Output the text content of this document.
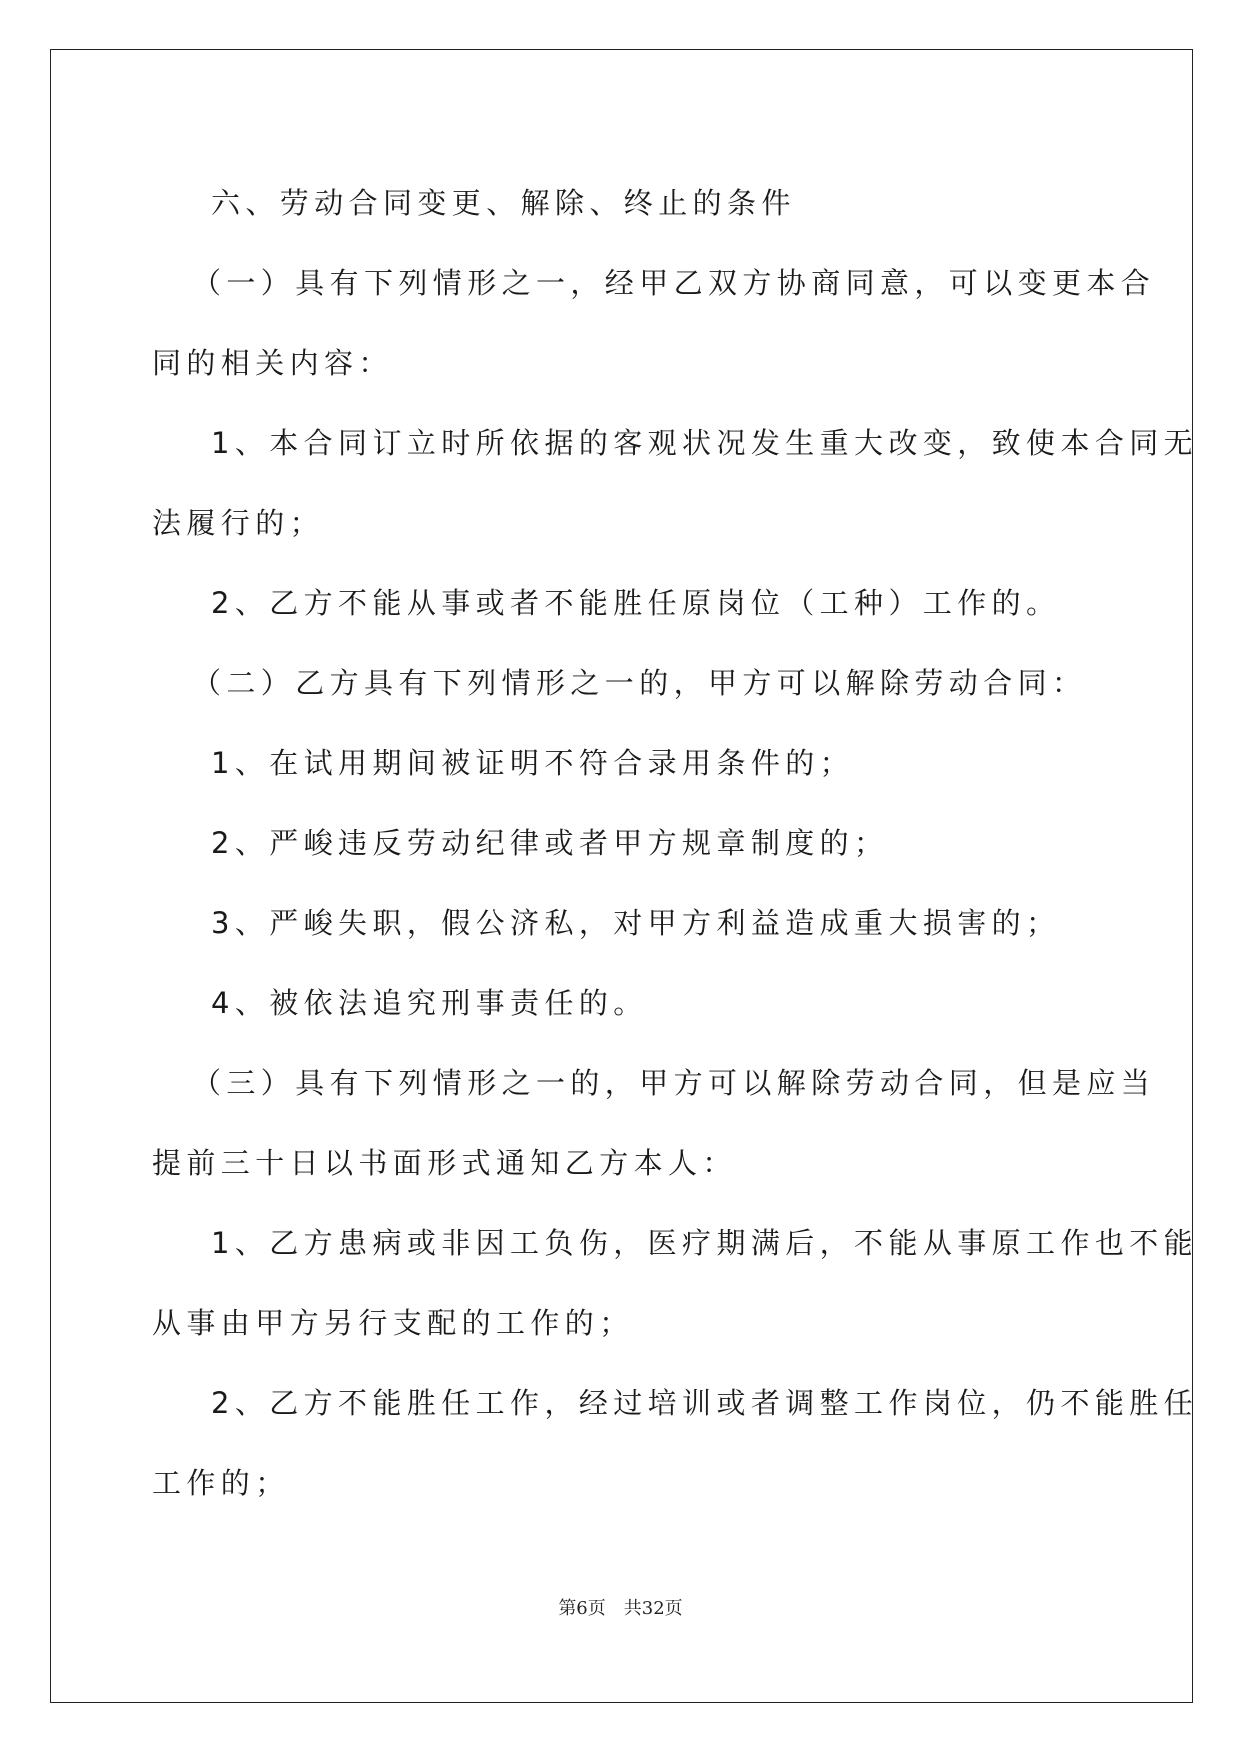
六、劳动合同变更、解除、终止的条件

（一）具有下列情形之一，经甲乙双方协商同意，可以变更本合

同的相关内容：

1、本合同订立时所依据的客观状况发生重大改变，致使本合同无

法履行的；

2、乙方不能从事或者不能胜任原岗位（工种）工作的。

（二）乙方具有下列情形之一的，甲方可以解除劳动合同：

1、在试用期间被证明不符合录用条件的；

2、严峻违反劳动纪律或者甲方规章制度的；

3、严峻失职，假公济私，对甲方利益造成重大损害的；

4、被依法追究刑事责任的。

（三）具有下列情形之一的，甲方可以解除劳动合同，但是应当

提前三十日以书面形式通知乙方本人：

1、乙方患病或非因工负伤，医疗期满后，不能从事原工作也不能

从事由甲方另行支配的工作的；

2、乙方不能胜任工作，经过培训或者调整工作岗位，仍不能胜任

工作的；

第6页 共32页
